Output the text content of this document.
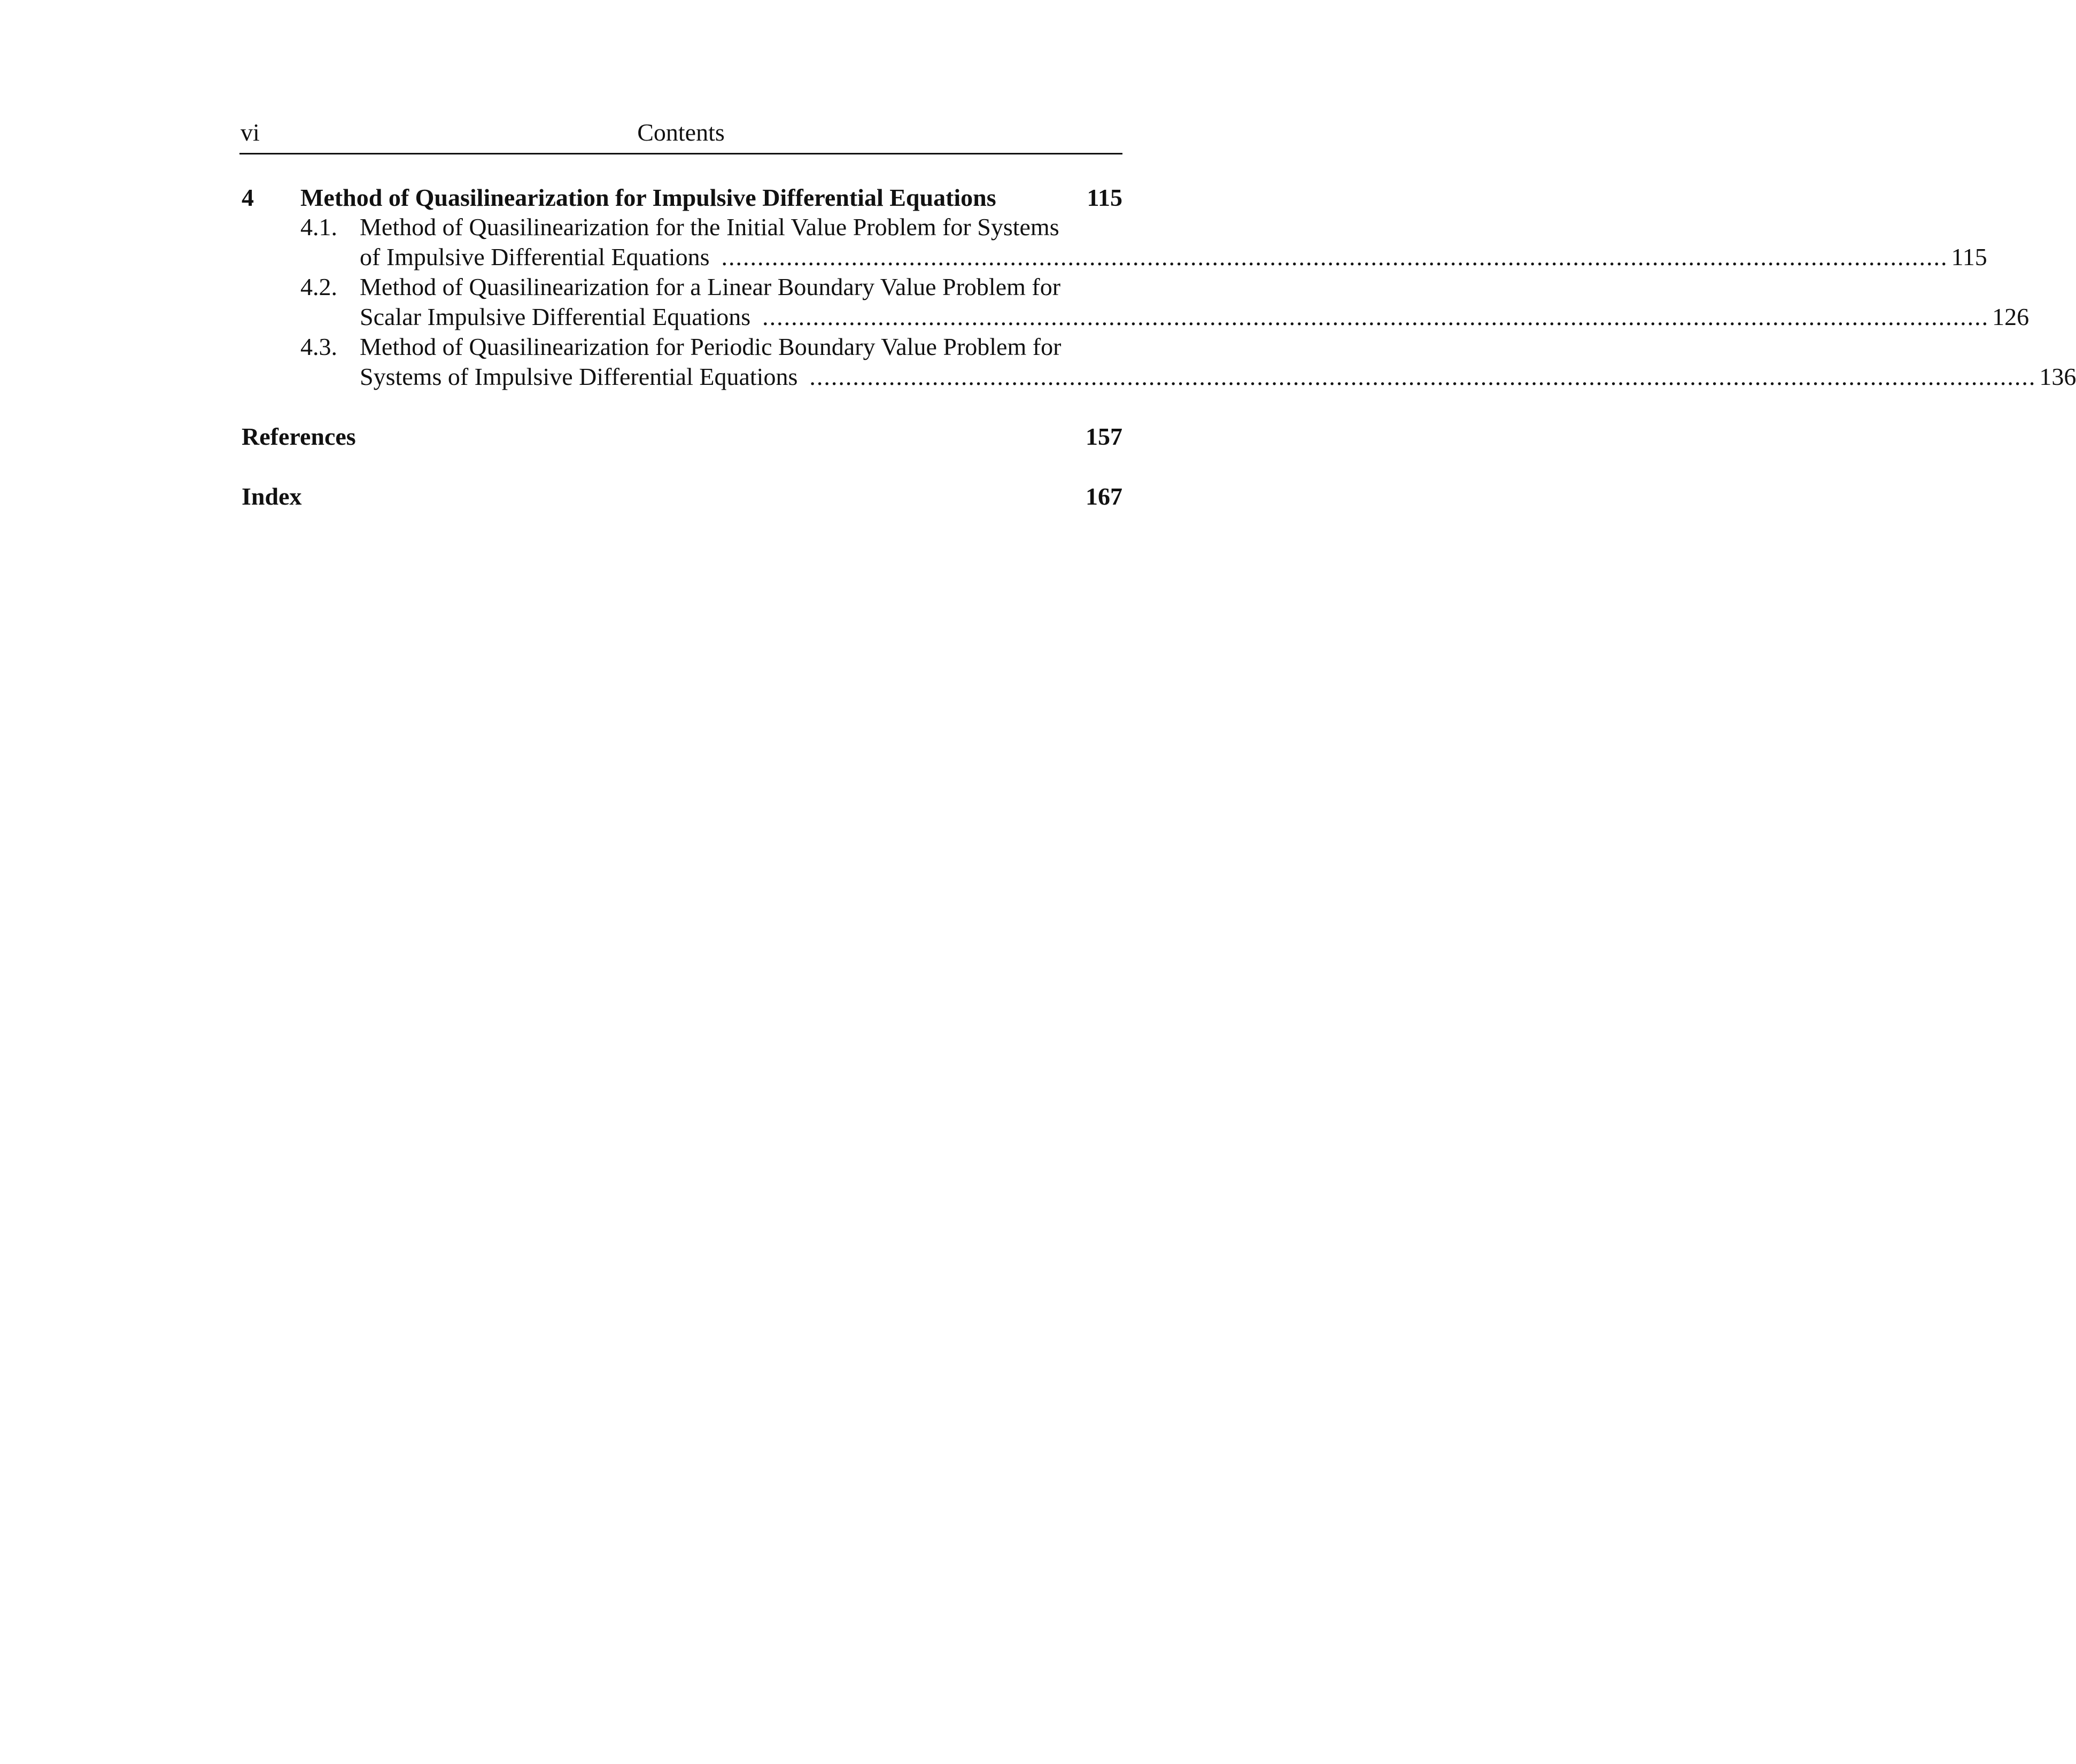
vi	Contents
4 Method of Quasilinearization for Impulsive Differential Equations	115
4.1. Method of Quasilinearization for the Initial Value Problem for Systems
of Impulsive Differential Equations .......................................................................................................................................................................... 115
4.2. Method of Quasilinearization for a Linear Boundary Value Problem for
Scalar Impulsive Differential Equations .......................................................................................................................................................................... 126
4.3. Method of Quasilinearization for Periodic Boundary Value Problem for
Systems of Impulsive Differential Equations .......................................................................................................................................................................... 136
References	157
Index	167
